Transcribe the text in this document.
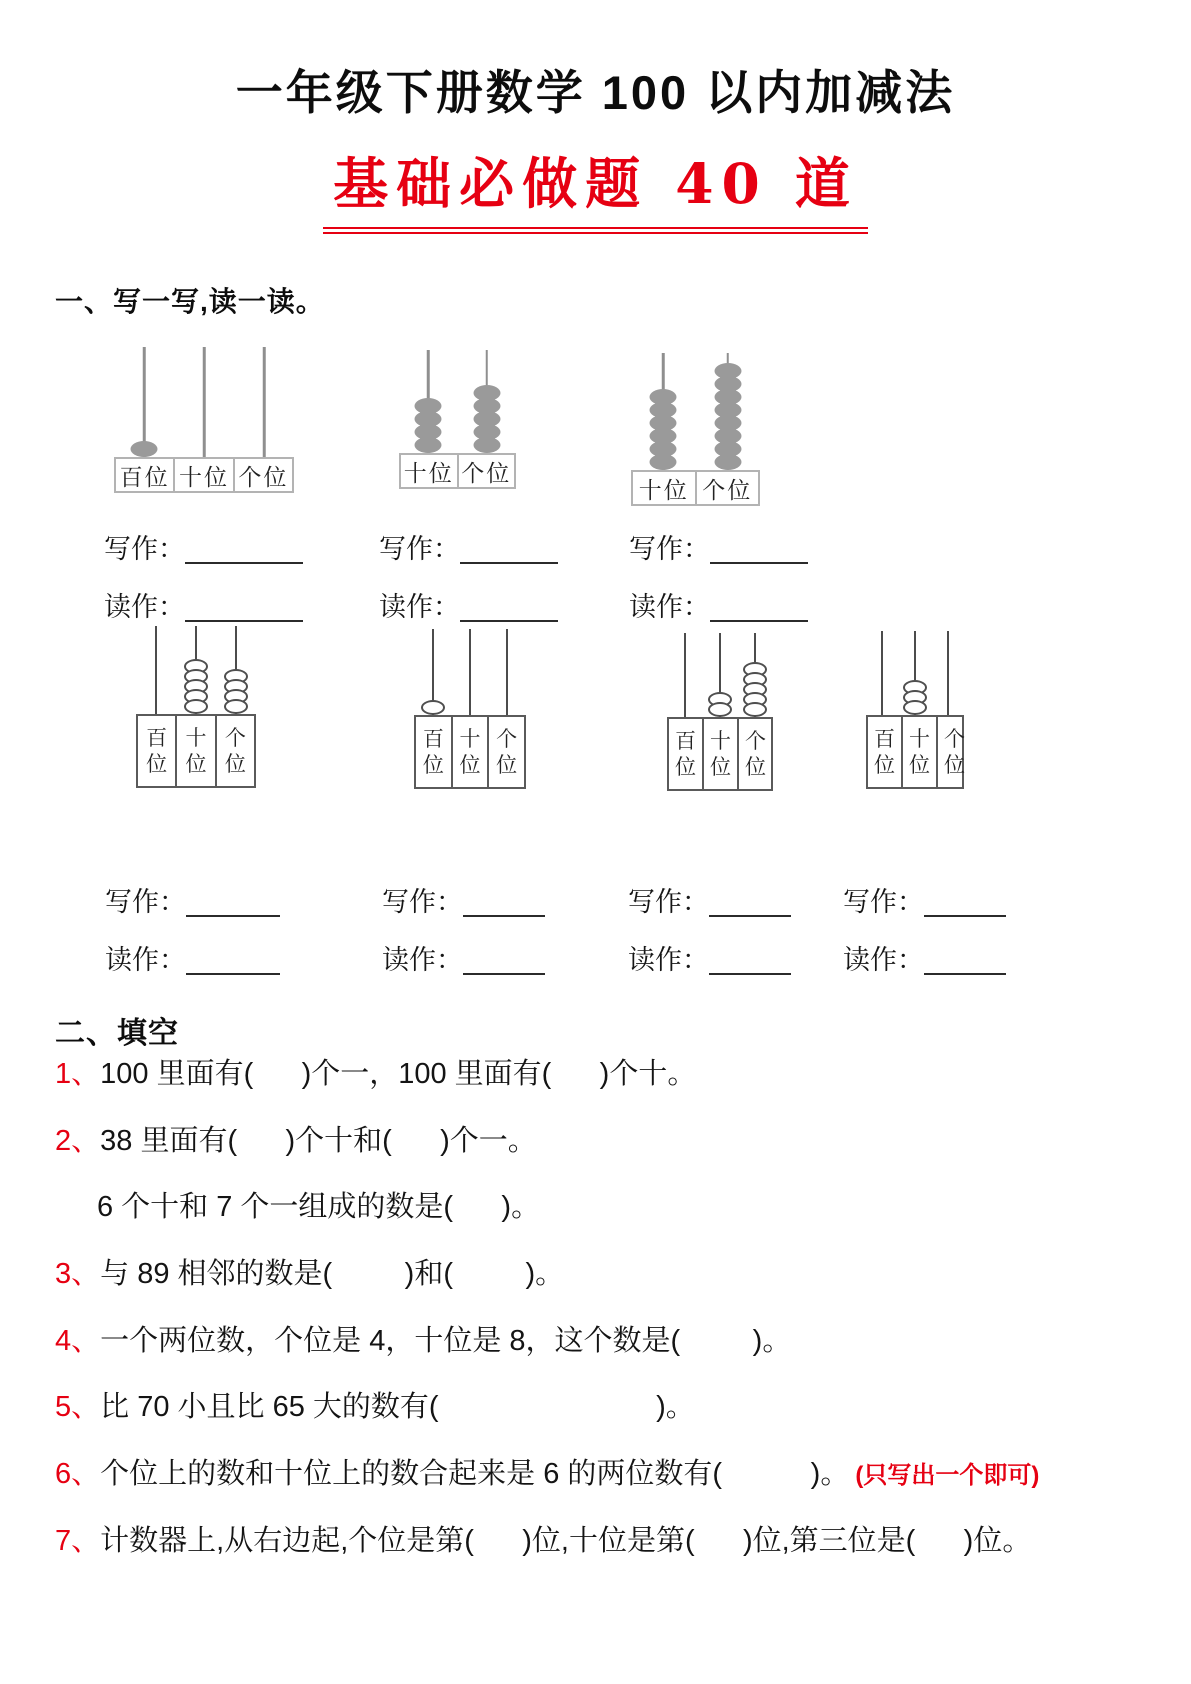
一年级下册数学 100 以内加减法
基础必做题 40 道
一、写一写,读一读。
百位 十位 个位	十位 个位
十位 个位
写作：	写作：	写作：
读作：	读作：	读作：
百位
十位
个位
百位
十位
个位
百位
十位
个位
百位
十位
个位
写作：	写作：	写作：	写作：
读作：	读作：	读作：	读作：
二、填空
1、100 里面有(      )个一，100 里面有(      )个十。
2、38 里面有(      )个十和(      )个一。
6 个十和 7 个一组成的数是(      )。
3、与 89 相邻的数是(         )和(         )。
4、一个两位数，个位是 4，十位是 8，这个数是(         )。
5、比 70 小且比 65 大的数有(                           )。
6、个位上的数和十位上的数合起来是 6 的两位数有(           )。 (只写出一个即可)
7、计数器上,从右边起,个位是第(      )位,十位是第(      )位,第三位是(      )位。
